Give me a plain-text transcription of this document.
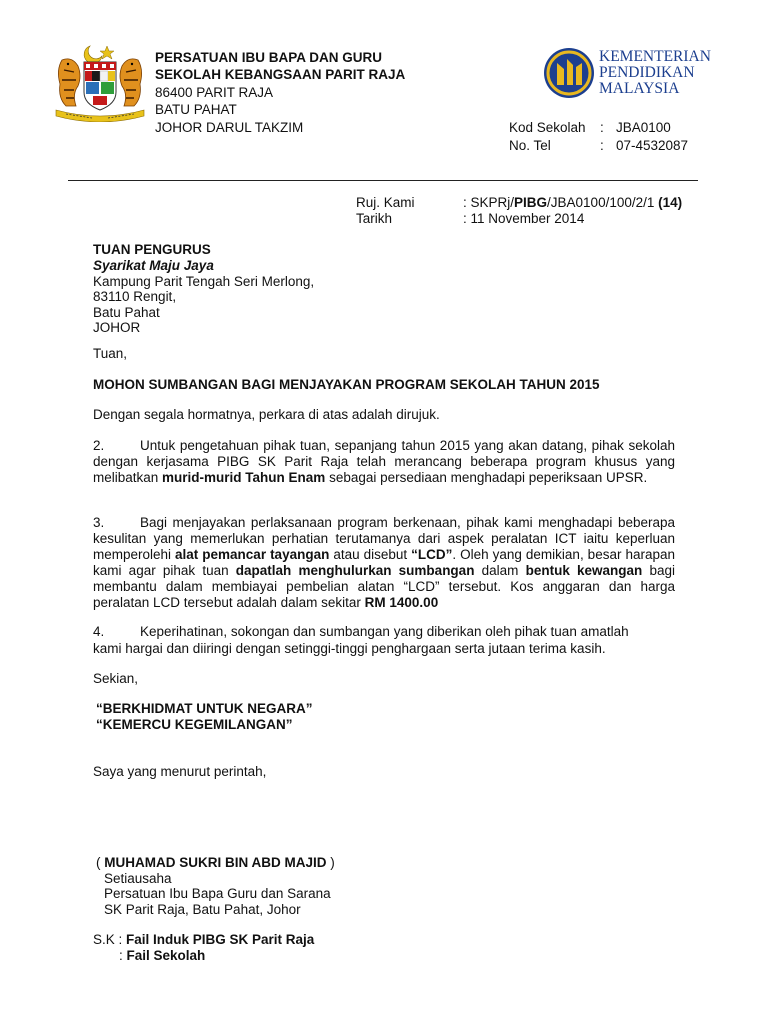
PERSATUAN IBU BAPA DAN GURU
SEKOLAH KEBANGSAAN PARIT RAJA
86400 PARIT RAJA
BATU PAHAT
JOHOR DARUL TAKZIM	Kod Sekolah : JBA0100
No. Tel	: 07-4532087
KEMENTERIAN
PENDIDIKAN
MALAYSIA
Ruj. Kami	: SKPRj/PIBG/JBA0100/100/2/1 (14)
Tarikh	: 11 November 2014
TUAN PENGURUS
Syarikat Maju Jaya
Kampung Parit Tengah Seri Merlong,
83110 Rengit,
Batu Pahat
JOHOR
Tuan,
MOHON SUMBANGAN BAGI MENJAYAKAN PROGRAM SEKOLAH TAHUN 2015
Dengan segala hormatnya, perkara di atas adalah dirujuk.
2.	Untuk pengetahuan pihak tuan, sepanjang tahun 2015 yang akan datang, pihak sekolah dengan kerjasama PIBG SK Parit Raja telah merancang beberapa program khusus yang melibatkan murid-murid Tahun Enam sebagai persediaan menghadapi peperiksaan UPSR.
3.	Bagi menjayakan perlaksanaan program berkenaan, pihak kami menghadapi beberapa kesulitan yang memerlukan perhatian terutamanya dari aspek peralatan ICT iaitu keperluan memperolehi alat pemancar tayangan atau disebut “LCD”. Oleh yang demikian, besar harapan kami agar pihak tuan dapatlah menghulurkan sumbangan dalam bentuk kewangan bagi membantu dalam membiayai pembelian alatan “LCD” tersebut. Kos anggaran dan harga peralatan LCD tersebut adalah dalam sekitar RM 1400.00
4.	Keperihatinan, sokongan dan sumbangan yang diberikan oleh pihak tuan amatlah
kami hargai dan diiringi dengan setinggi-tinggi penghargaan serta jutaan terima kasih.
Sekian,
“BERKHIDMAT UNTUK NEGARA”
“KEMERCU KEGEMILANGAN”
Saya yang menurut perintah,
( MUHAMAD SUKRI BIN ABD MAJID )
Setiausaha
Persatuan Ibu Bapa Guru dan Sarana
SK Parit Raja, Batu Pahat, Johor
S.K : Fail Induk PIBG SK Parit Raja
: Fail Sekolah
